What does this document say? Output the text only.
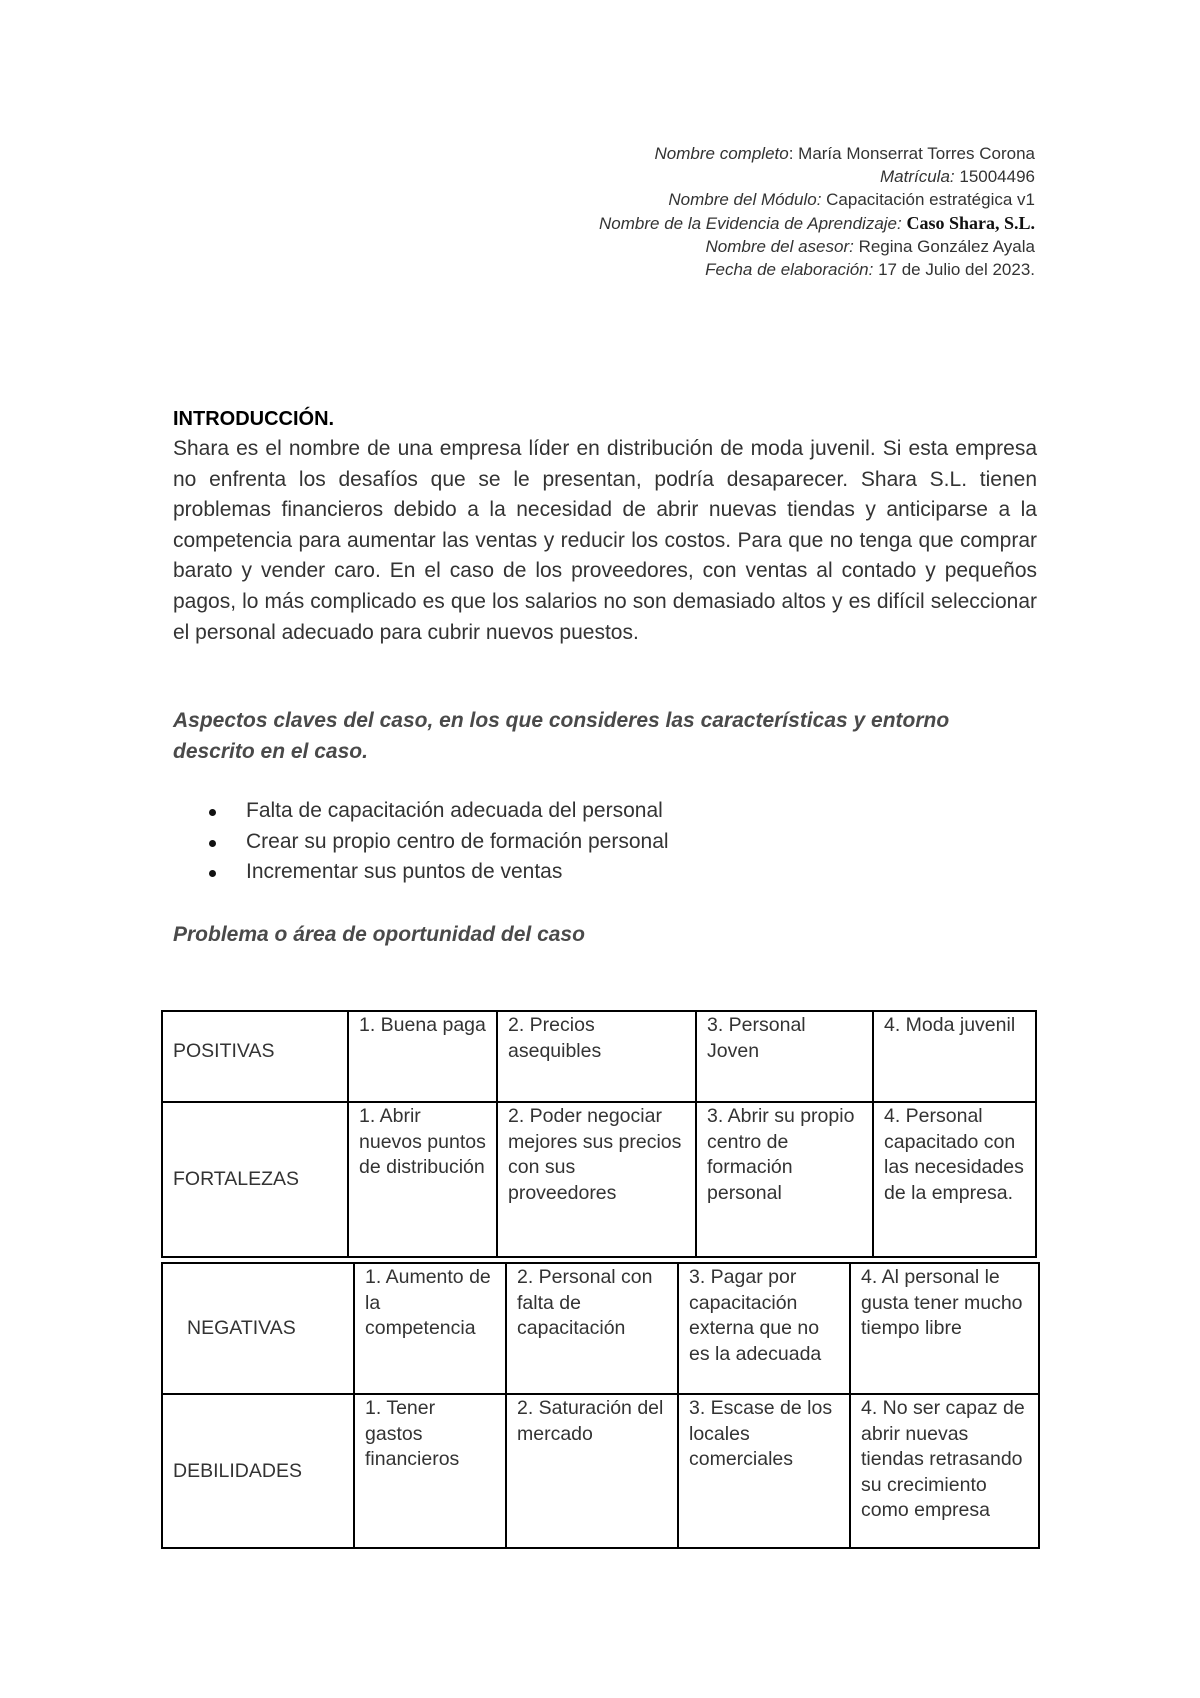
Nombre completo: María Monserrat Torres Corona
Matrícula: 15004496
Nombre del Módulo: Capacitación estratégica v1
Nombre de la Evidencia de Aprendizaje: Caso Shara, S.L.
Nombre del asesor: Regina González Ayala
Fecha de elaboración: 17 de Julio del 2023.
INTRODUCCIÓN.

Shara es el nombre de una empresa líder en distribución de moda juvenil. Si esta empresa no enfrenta los desafíos que se le presentan, podría desaparecer. Shara S.L. tienen problemas financieros debido a la necesidad de abrir nuevas tiendas y anticiparse a la competencia para aumentar las ventas y reducir los costos. Para que no tenga que comprar barato y vender caro. En el caso de los proveedores, con ventas al contado y pequeños pagos, lo más complicado es que los salarios no son demasiado altos y es difícil seleccionar el personal adecuado para cubrir nuevos puestos.

Aspectos claves del caso, en los que consideres las características y entorno descrito en el caso.
Falta de capacitación adecuada del personal
Crear su propio centro de formación personal
Incrementar sus puntos de ventas
Problema o área de oportunidad del caso
POSITIVAS	1. Buena paga	2. Precios asequibles	3. Personal Joven	4. Moda juvenil
FORTALEZAS	1. Abrir nuevos puntos de distribución	2. Poder negociar mejores sus precios con sus proveedores	3. Abrir su propio centro de formación personal	4. Personal capacitado con las necesidades de la empresa.
NEGATIVAS	1. Aumento de la competencia	2. Personal con falta de capacitación	3. Pagar por capacitación externa que no es la adecuada	4. Al personal le gusta tener mucho tiempo libre
DEBILIDADES	1. Tener gastos financieros	2. Saturación del mercado	3. Escase de los locales comerciales	4. No ser capaz de abrir nuevas tiendas retrasando su crecimiento como empresa
